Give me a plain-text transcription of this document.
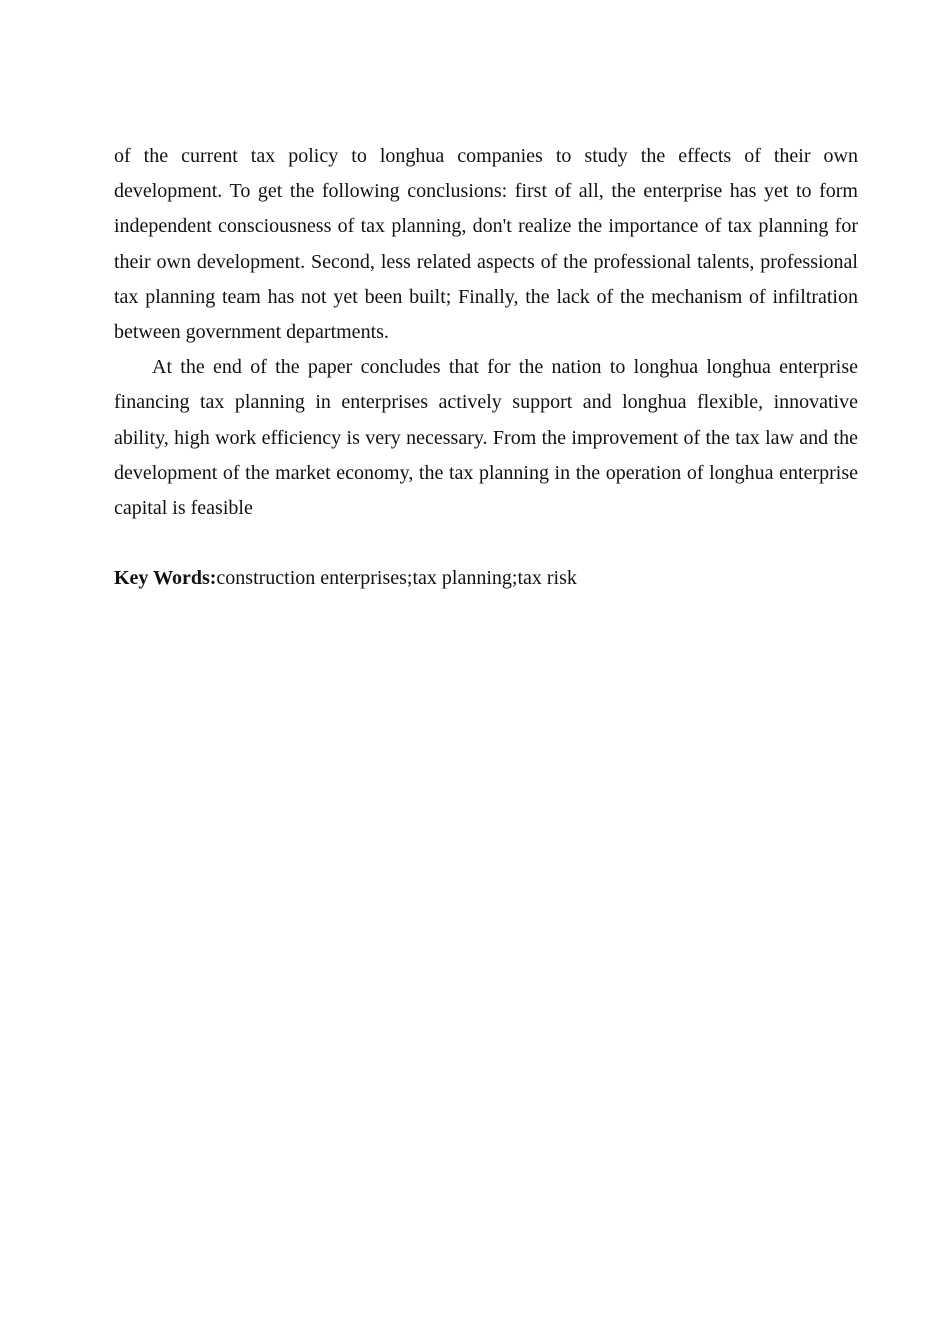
of the current tax policy to longhua companies to study the effects of their own development. To get the following conclusions: first of all, the enterprise has yet to form independent consciousness of tax planning, don't realize the importance of tax planning for their own development. Second, less related aspects of the professional talents, professional tax planning team has not yet been built; Finally, the lack of the mechanism of infiltration between government departments.

At the end of the paper concludes that for the nation to longhua longhua enterprise financing tax planning in enterprises actively support and longhua flexible, innovative ability, high work efficiency is very necessary. From the improvement of the tax law and the development of the market economy, the tax planning in the operation of longhua enterprise capital is feasible

Key Words:construction enterprises;tax planning;tax risk
